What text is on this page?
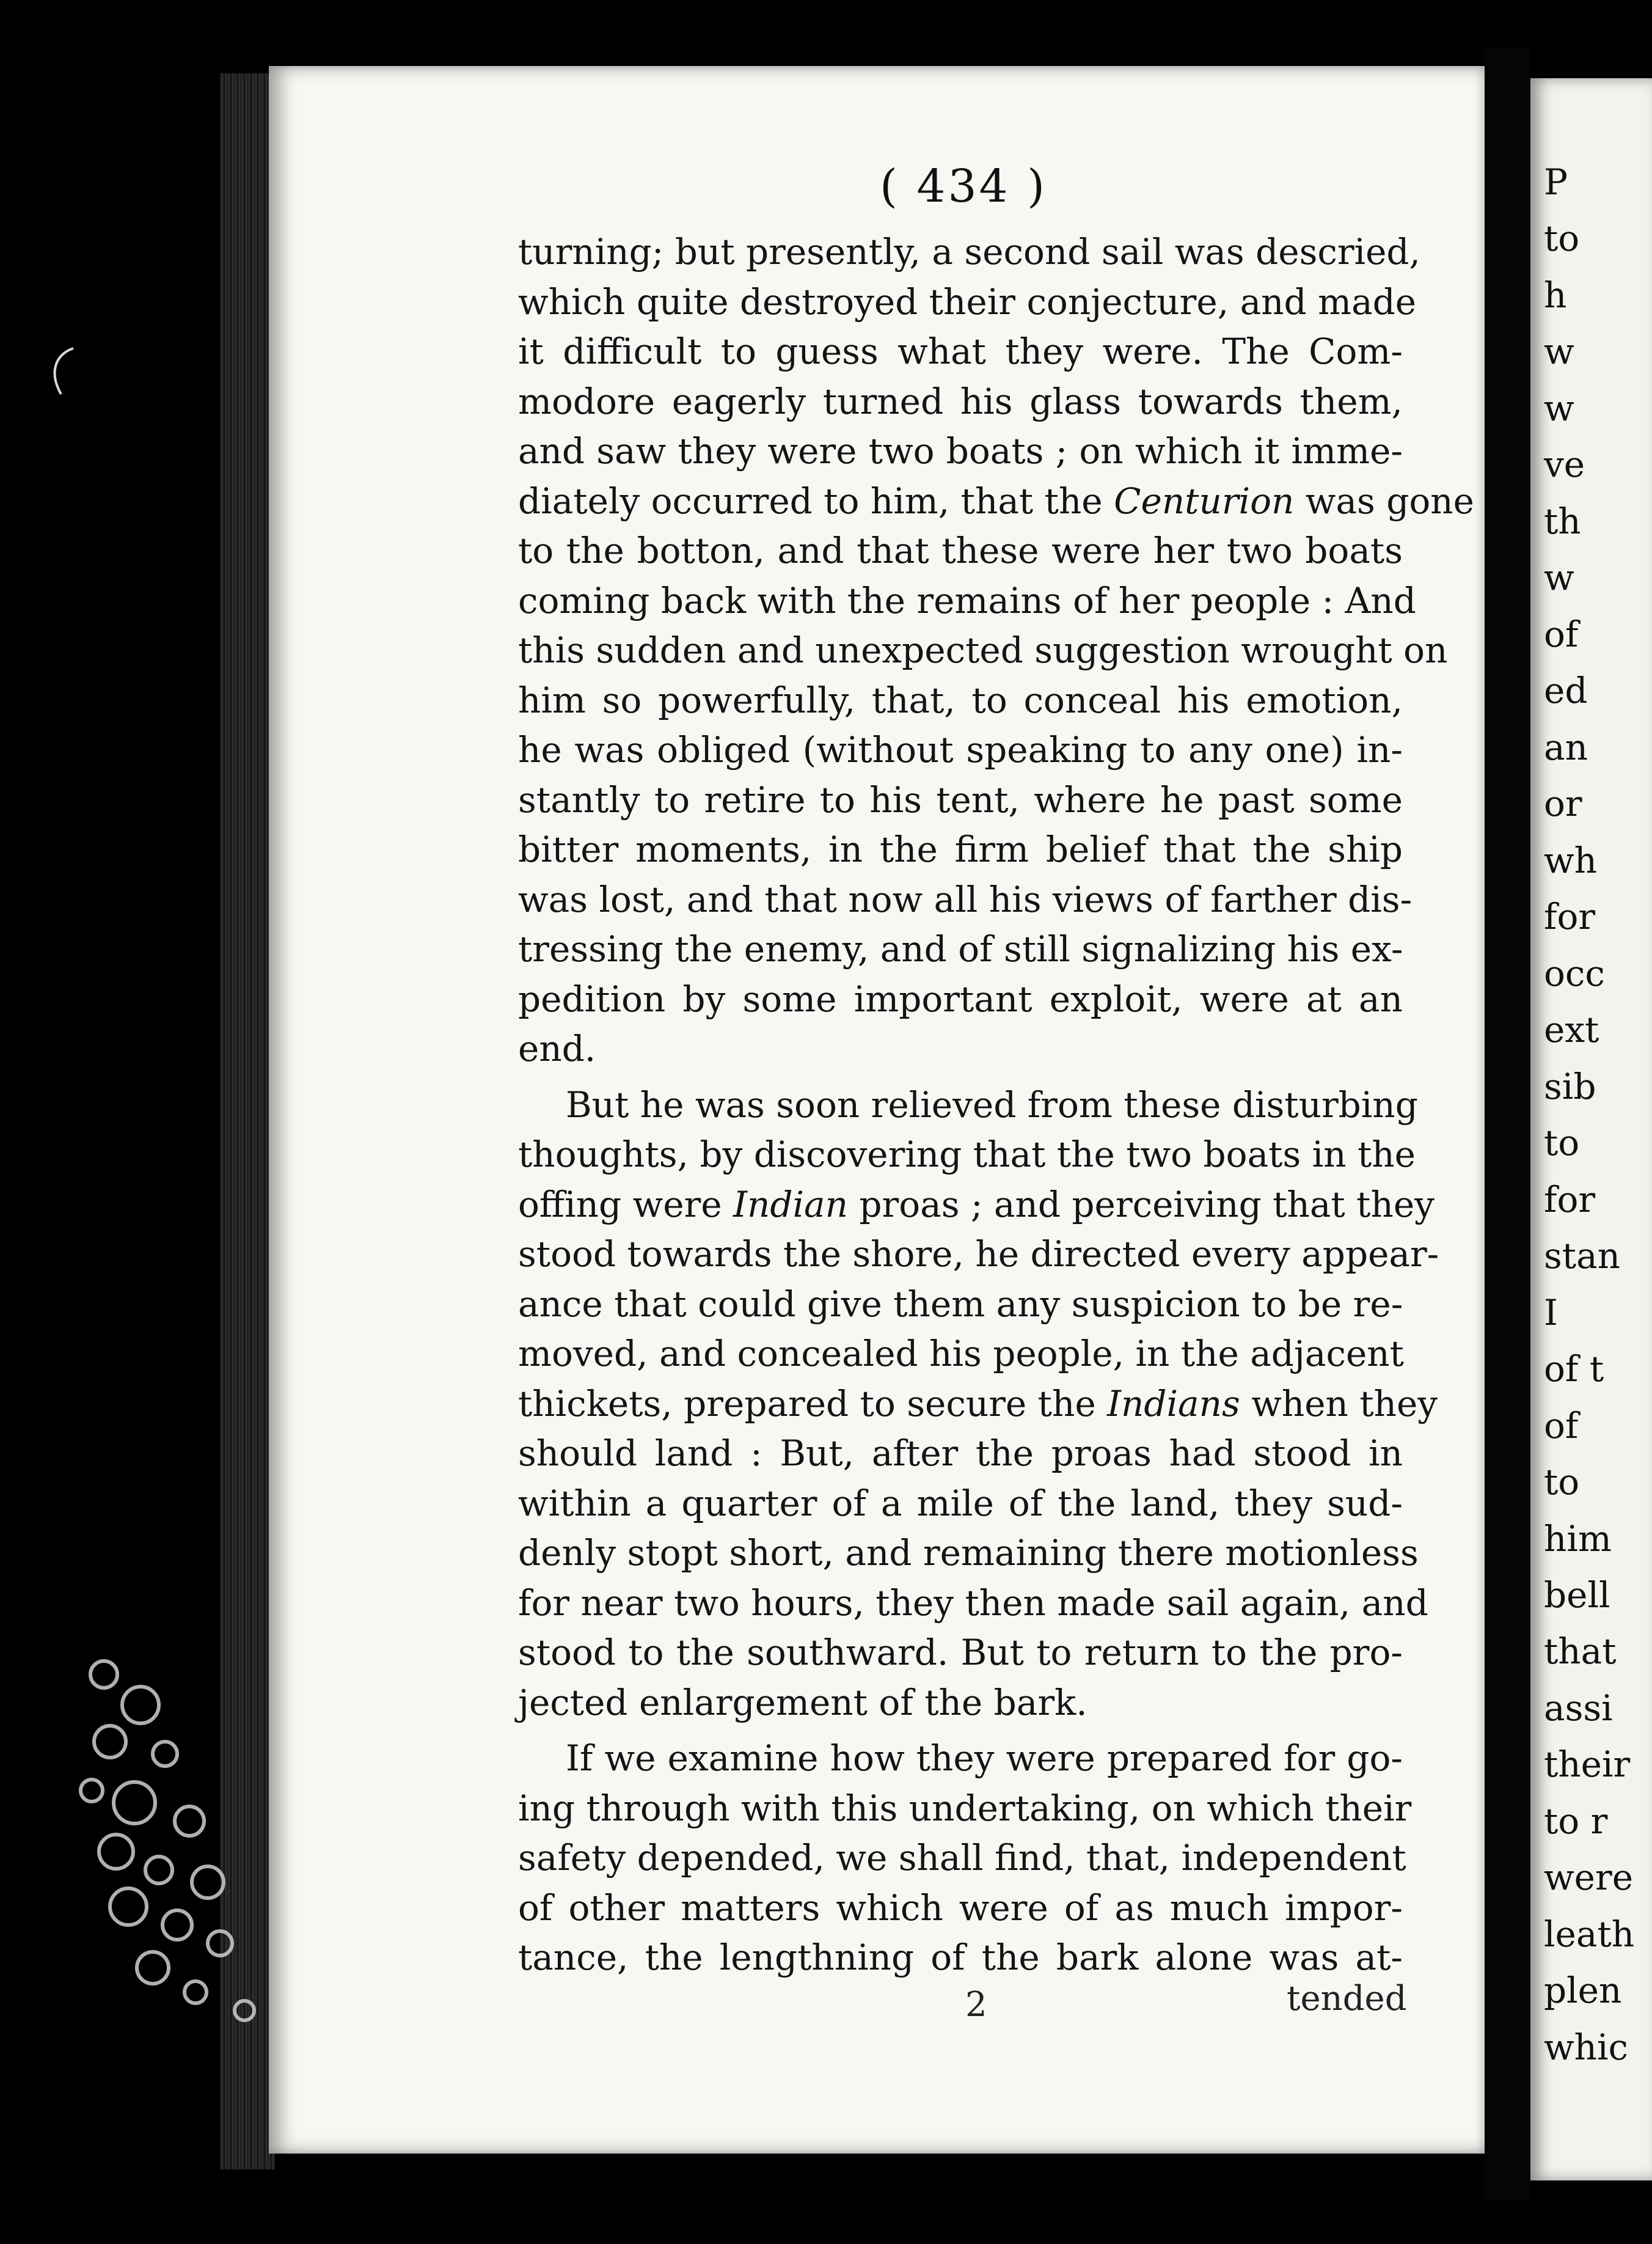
( 434 )
turning; but presently, a second sail was descried,
which quite destroyed their conjecture, and made
it difficult to guess what they were. The Com-
modore eagerly turned his glass towards them,
and saw they were two boats ; on which it imme-
diately occurred to him, that the Centurion was gone
to the botton, and that these were her two boats
coming back with the remains of her people : And
this sudden and unexpected suggestion wrought on
him so powerfully, that, to conceal his emotion,
he was obliged (without speaking to any one) in-
stantly to retire to his tent, where he past some
bitter moments, in the firm belief that the ship
was lost, and that now all his views of farther dis-
tressing the enemy, and of still signalizing his ex-
pedition by some important exploit, were at an
end.
But he was soon relieved from these disturbing
thoughts, by discovering that the two boats in the
offing were Indian proas ; and perceiving that they
stood towards the shore, he directed every appear-
ance that could give them any suspicion to be re-
moved, and concealed his people, in the adjacent
thickets, prepared to secure the Indians when they
should land : But, after the proas had stood in
within a quarter of a mile of the land, they sud-
denly stopt short, and remaining there motionless
for near two hours, they then made sail again, and
stood to the southward. But to return to the pro-
jected enlargement of the bark.
If we examine how they were prepared for go-
ing through with this undertaking, on which their
safety depended, we shall find, that, independent
of other matters which were of as much impor-
tance, the lengthning of the bark alone was at-
2	tended
P
to
h
w
w
ve
th
w
of
ed
an
or
wh
for
occ
ext
sib
to
for
stan
I
of t
of
to
him
bell
that
assi
their
to r
were
leath
plen
whic
